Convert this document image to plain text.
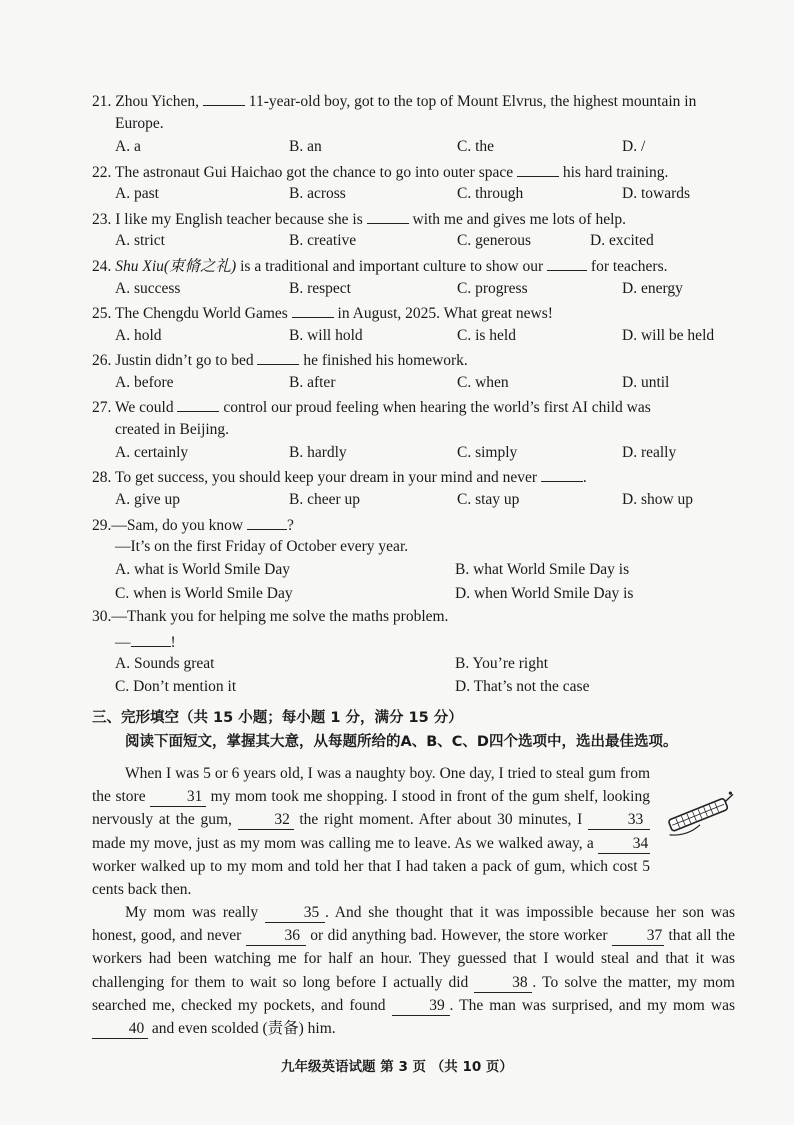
21. Zhou Yichen,	11-year-old boy, got to the top of Mount Elvrus, the highest mountain in
Europe.
A. a	B. an	C. the	D. /
22. The astronaut Gui Haichao got the chance to go into outer space	his hard training.
A. past	B. across	C. through	D. towards
23. I like my English teacher because she is	with me and gives me lots of help.
A. strict	B. creative	C. generous	D. excited
24. Shu Xiu(束脩之礼) is a traditional and important culture to show our	for teachers.
A. success	B. respect	C. progress	D. energy
25. The Chengdu World Games	in August, 2025. What great news!
A. hold	B. will hold	C. is held	D. will be held
26. Justin didn’t go to bed	he finished his homework.
A. before	B. after	C. when	D. until
27. We could	control our proud feeling when hearing the world’s first AI child was
created in Beijing.
A. certainly	B. hardly	C. simply	D. really
28. To get success, you should keep your dream in your mind and never	.
A. give up	B. cheer up	C. stay up	D. show up
29.—Sam, do you know	?
—It’s on the first Friday of October every year.
A. what is World Smile Day	B. what World Smile Day is
C. when is World Smile Day	D. when World Smile Day is
30.—Thank you for helping me solve the maths problem.
—	!
A. Sounds great	B. You’re right
C. Don’t mention it	D. That’s not the case
三、完形填空（共 15 小题；每小题 1 分，满分 15 分）
阅读下面短文，掌握其大意，从每题所给的A、B、C、D四个选项中，选出最佳选项。
When I was 5 or 6 years old, I was a naughty boy. One day, I tried to steal gum from the store 31 my mom took me shopping. I stood in front of the gum shelf, looking nervously at the gum, 32 the right moment. After about 30 minutes, I	33 made my move, just as my mom was calling me to leave. As we walked away, a 34 worker walked up to my mom and told her that I had taken a pack of gum, which cost 5 cents back then.
My mom was really	35 . And she thought that it was impossible because her son was honest, good, and never	36 or did anything bad. However, the store worker 37 that all the workers had been watching me for half an hour. They guessed that I would steal and that it was challenging for them to wait so long before I actually did 38 . To solve the matter, my mom searched me, checked my pockets, and found 39 . The man was surprised, and my mom was 40 and even scolded (责备) him.
九年级英语试题 第 3 页 （共 10 页）
